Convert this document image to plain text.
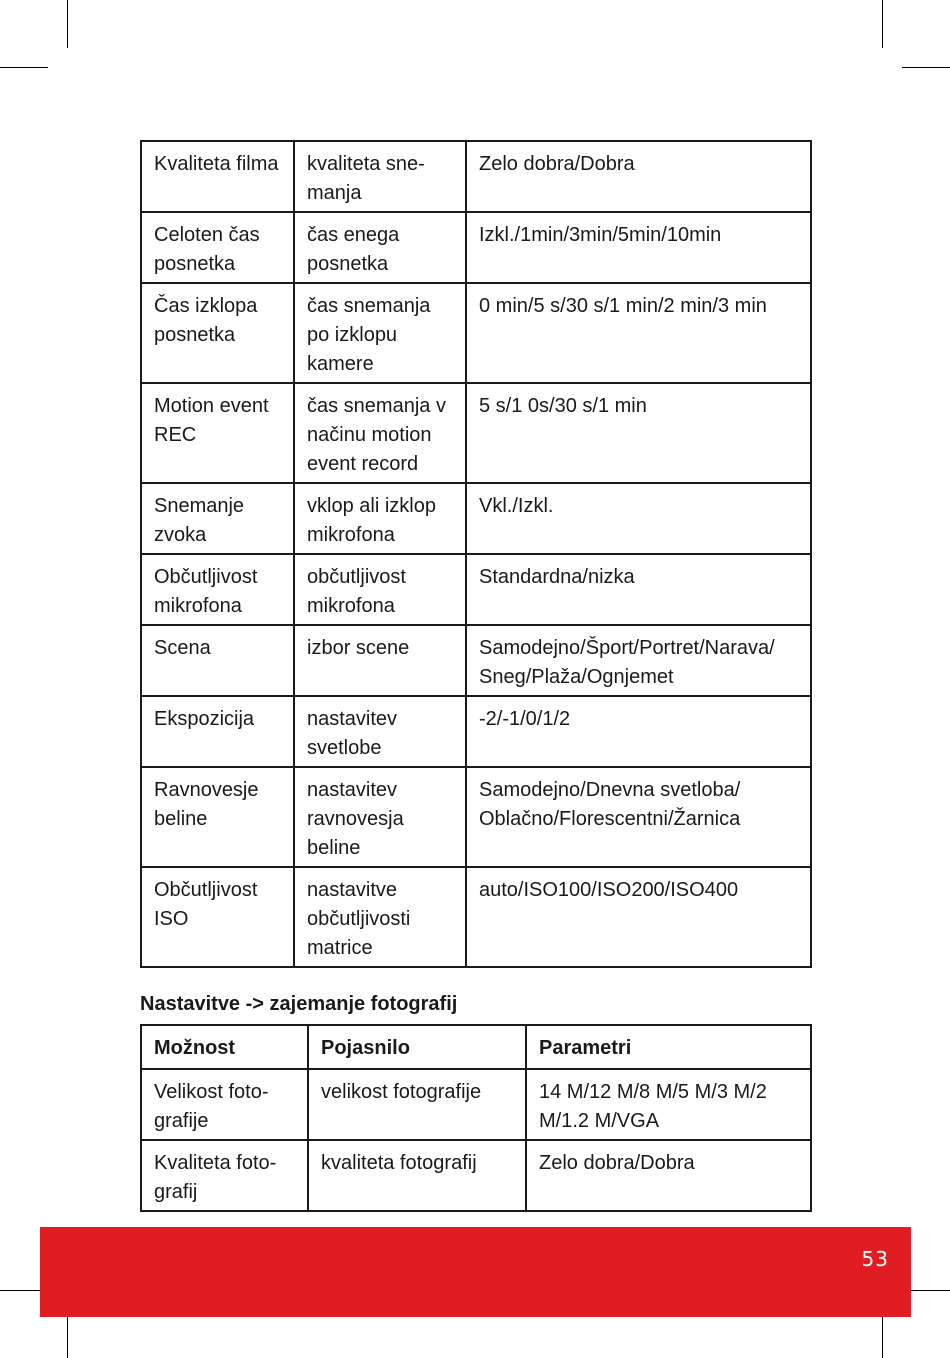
Kvaliteta filma	kvaliteta sne-manja	Zelo dobra/Dobra
Celoten čas posnetka	čas enega posnetka	Izkl./1min/3min/5min/10min
Čas izklopa posnetka	čas snemanja po izklopu kamere	0 min/5 s/30 s/1 min/2 min/3 min
Motion event REC	čas snemanja v načinu motion event record	5 s/1 0s/30 s/1 min
Snemanje zvoka	vklop ali izklop mikrofona	Vkl./Izkl.
Občutljivost mikrofona	občutljivost mikrofona	Standardna/nizka
Scena	izbor scene	Samodejno/Šport/Portret/Narava/ Sneg/Plaža/Ognjemet
Ekspozicija	nastavitev svetlobe	-2/-1/0/1/2
Ravnovesje beline	nastavitev ravnovesja beline	Samodejno/Dnevna svetloba/ Oblačno/Florescentni/Žarnica
Občutljivost ISO	nastavitve občutljivosti matrice	auto/ISO100/ISO200/ISO400
Nastavitve -> zajemanje fotografij
Možnost	Pojasnilo	Parametri
Velikost foto-grafije	velikost fotografije	14 M/12 M/8 M/5 M/3 M/2 M/1.2 M/VGA
Kvaliteta foto-grafij	kvaliteta fotografij	Zelo dobra/Dobra
53
